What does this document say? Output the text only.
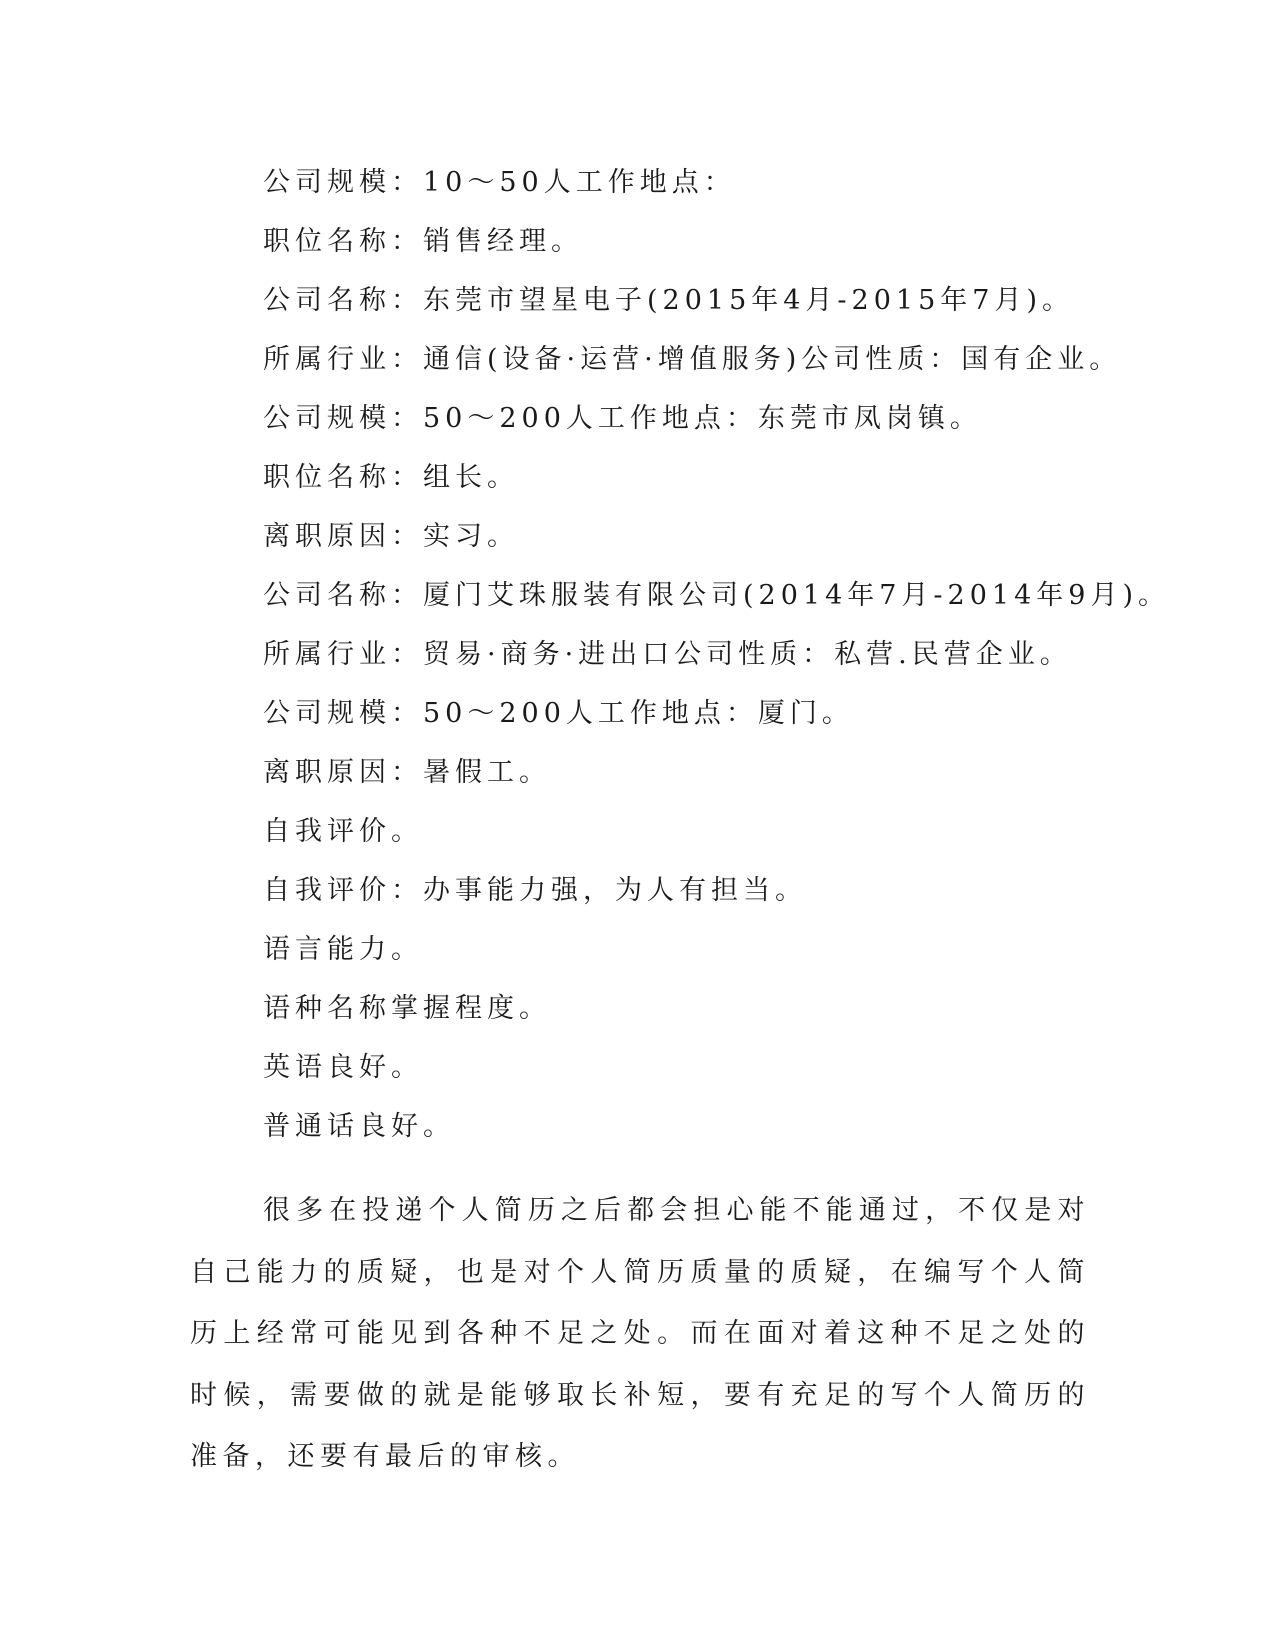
公司规模：10～50人工作地点：
职位名称：销售经理。
公司名称：东莞市望星电子(2015年4月-2015年7月)。
所属行业：通信(设备·运营·增值服务)公司性质：国有企业。
公司规模：50～200人工作地点：东莞市凤岗镇。
职位名称：组长。
离职原因：实习。
公司名称：厦门艾珠服装有限公司(2014年7月-2014年9月)。
所属行业：贸易·商务·进出口公司性质：私营.民营企业。
公司规模：50～200人工作地点：厦门。
离职原因：暑假工。
自我评价。
自我评价：办事能力强，为人有担当。
语言能力。
语种名称掌握程度。
英语良好。
普通话良好。

很多在投递个人简历之后都会担心能不能通过，不仅是对自己能力的质疑，也是对个人简历质量的质疑，在编写个人简历上经常可能见到各种不足之处。而在面对着这种不足之处的时候，需要做的就是能够取长补短，要有充足的写个人简历的准备，还要有最后的审核。
